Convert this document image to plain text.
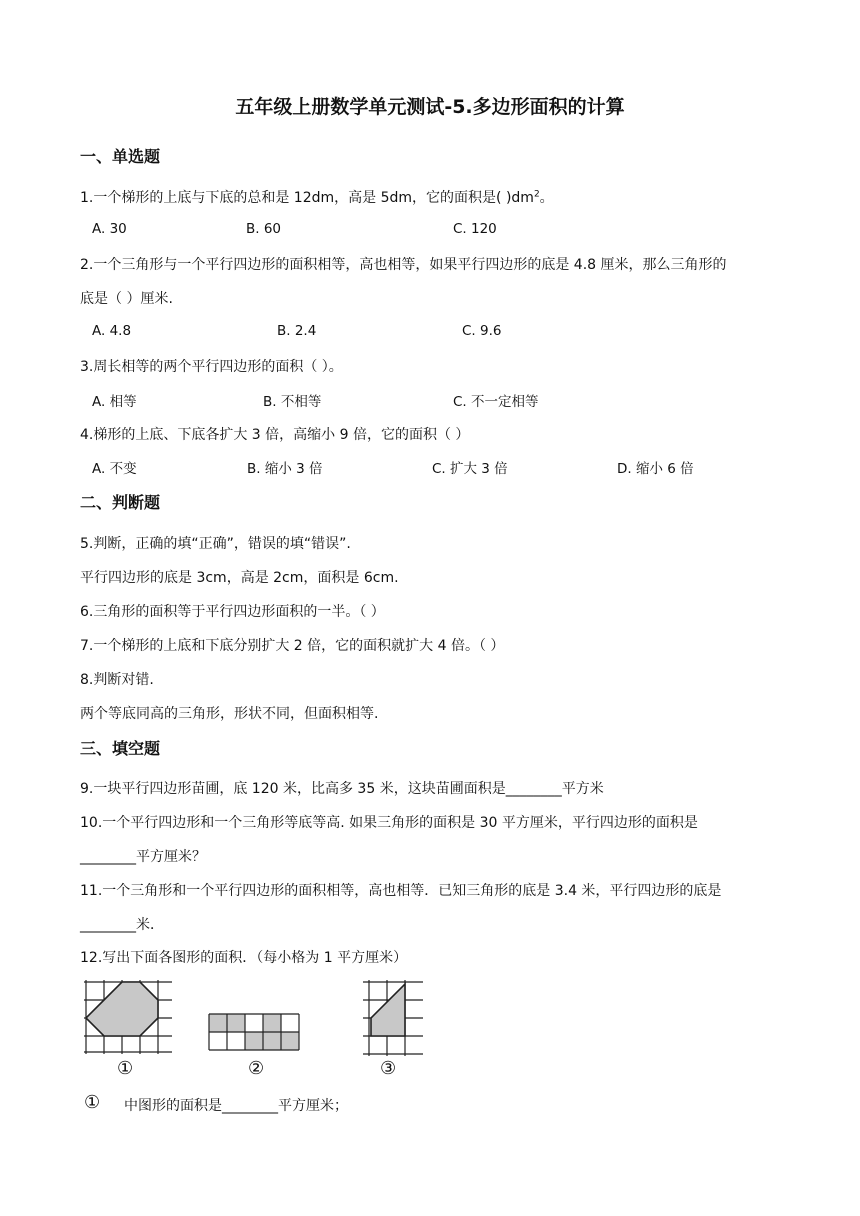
五年级上册数学单元测试-5.多边形面积的计算
一、单选题
1.一个梯形的上底与下底的总和是 12dm，高是 5dm，它的面积是( )$dm^2$。
A. 30	B. 60	C. 120
2.一个三角形与一个平行四边形的面积相等，高也相等，如果平行四边形的底是 4.8 厘米，那么三角形的
底是（ ）厘米.
A. 4.8	B. 2.4	C. 9.6
3.周长相等的两个平行四边形的面积（ ）。
A. 相等	B. 不相等	C. 不一定相等
4.梯形的上底、下底各扩大 3 倍，高缩小 9 倍，它的面积（ ）
A. 不变	B. 缩小 3 倍	C. 扩大 3 倍	D. 缩小 6 倍
二、判断题
5.判断，正确的填“正确”，错误的填“错误”.
平行四边形的底是 3cm，高是 2cm，面积是 6cm.
6.三角形的面积等于平行四边形面积的一半。（ ）
7.一个梯形的上底和下底分别扩大 2 倍，它的面积就扩大 4 倍。（ ）
8.判断对错.
两个等底同高的三角形，形状不同，但面积相等.
三、填空题
9.一块平行四边形苗圃，底 120 米，比高多 35 米，这块苗圃面积是________平方米
10.一个平行四边形和一个三角形等底等高. 如果三角形的面积是 30 平方厘米，平行四边形的面积是
________平方厘米？
11.一个三角形和一个平行四边形的面积相等，高也相等．已知三角形的底是 3.4 米，平行四边形的底是
________米．
12.写出下面各图形的面积．（每小格为 1 平方厘米）
①	②	③
① 中图形的面积是________平方厘米；
